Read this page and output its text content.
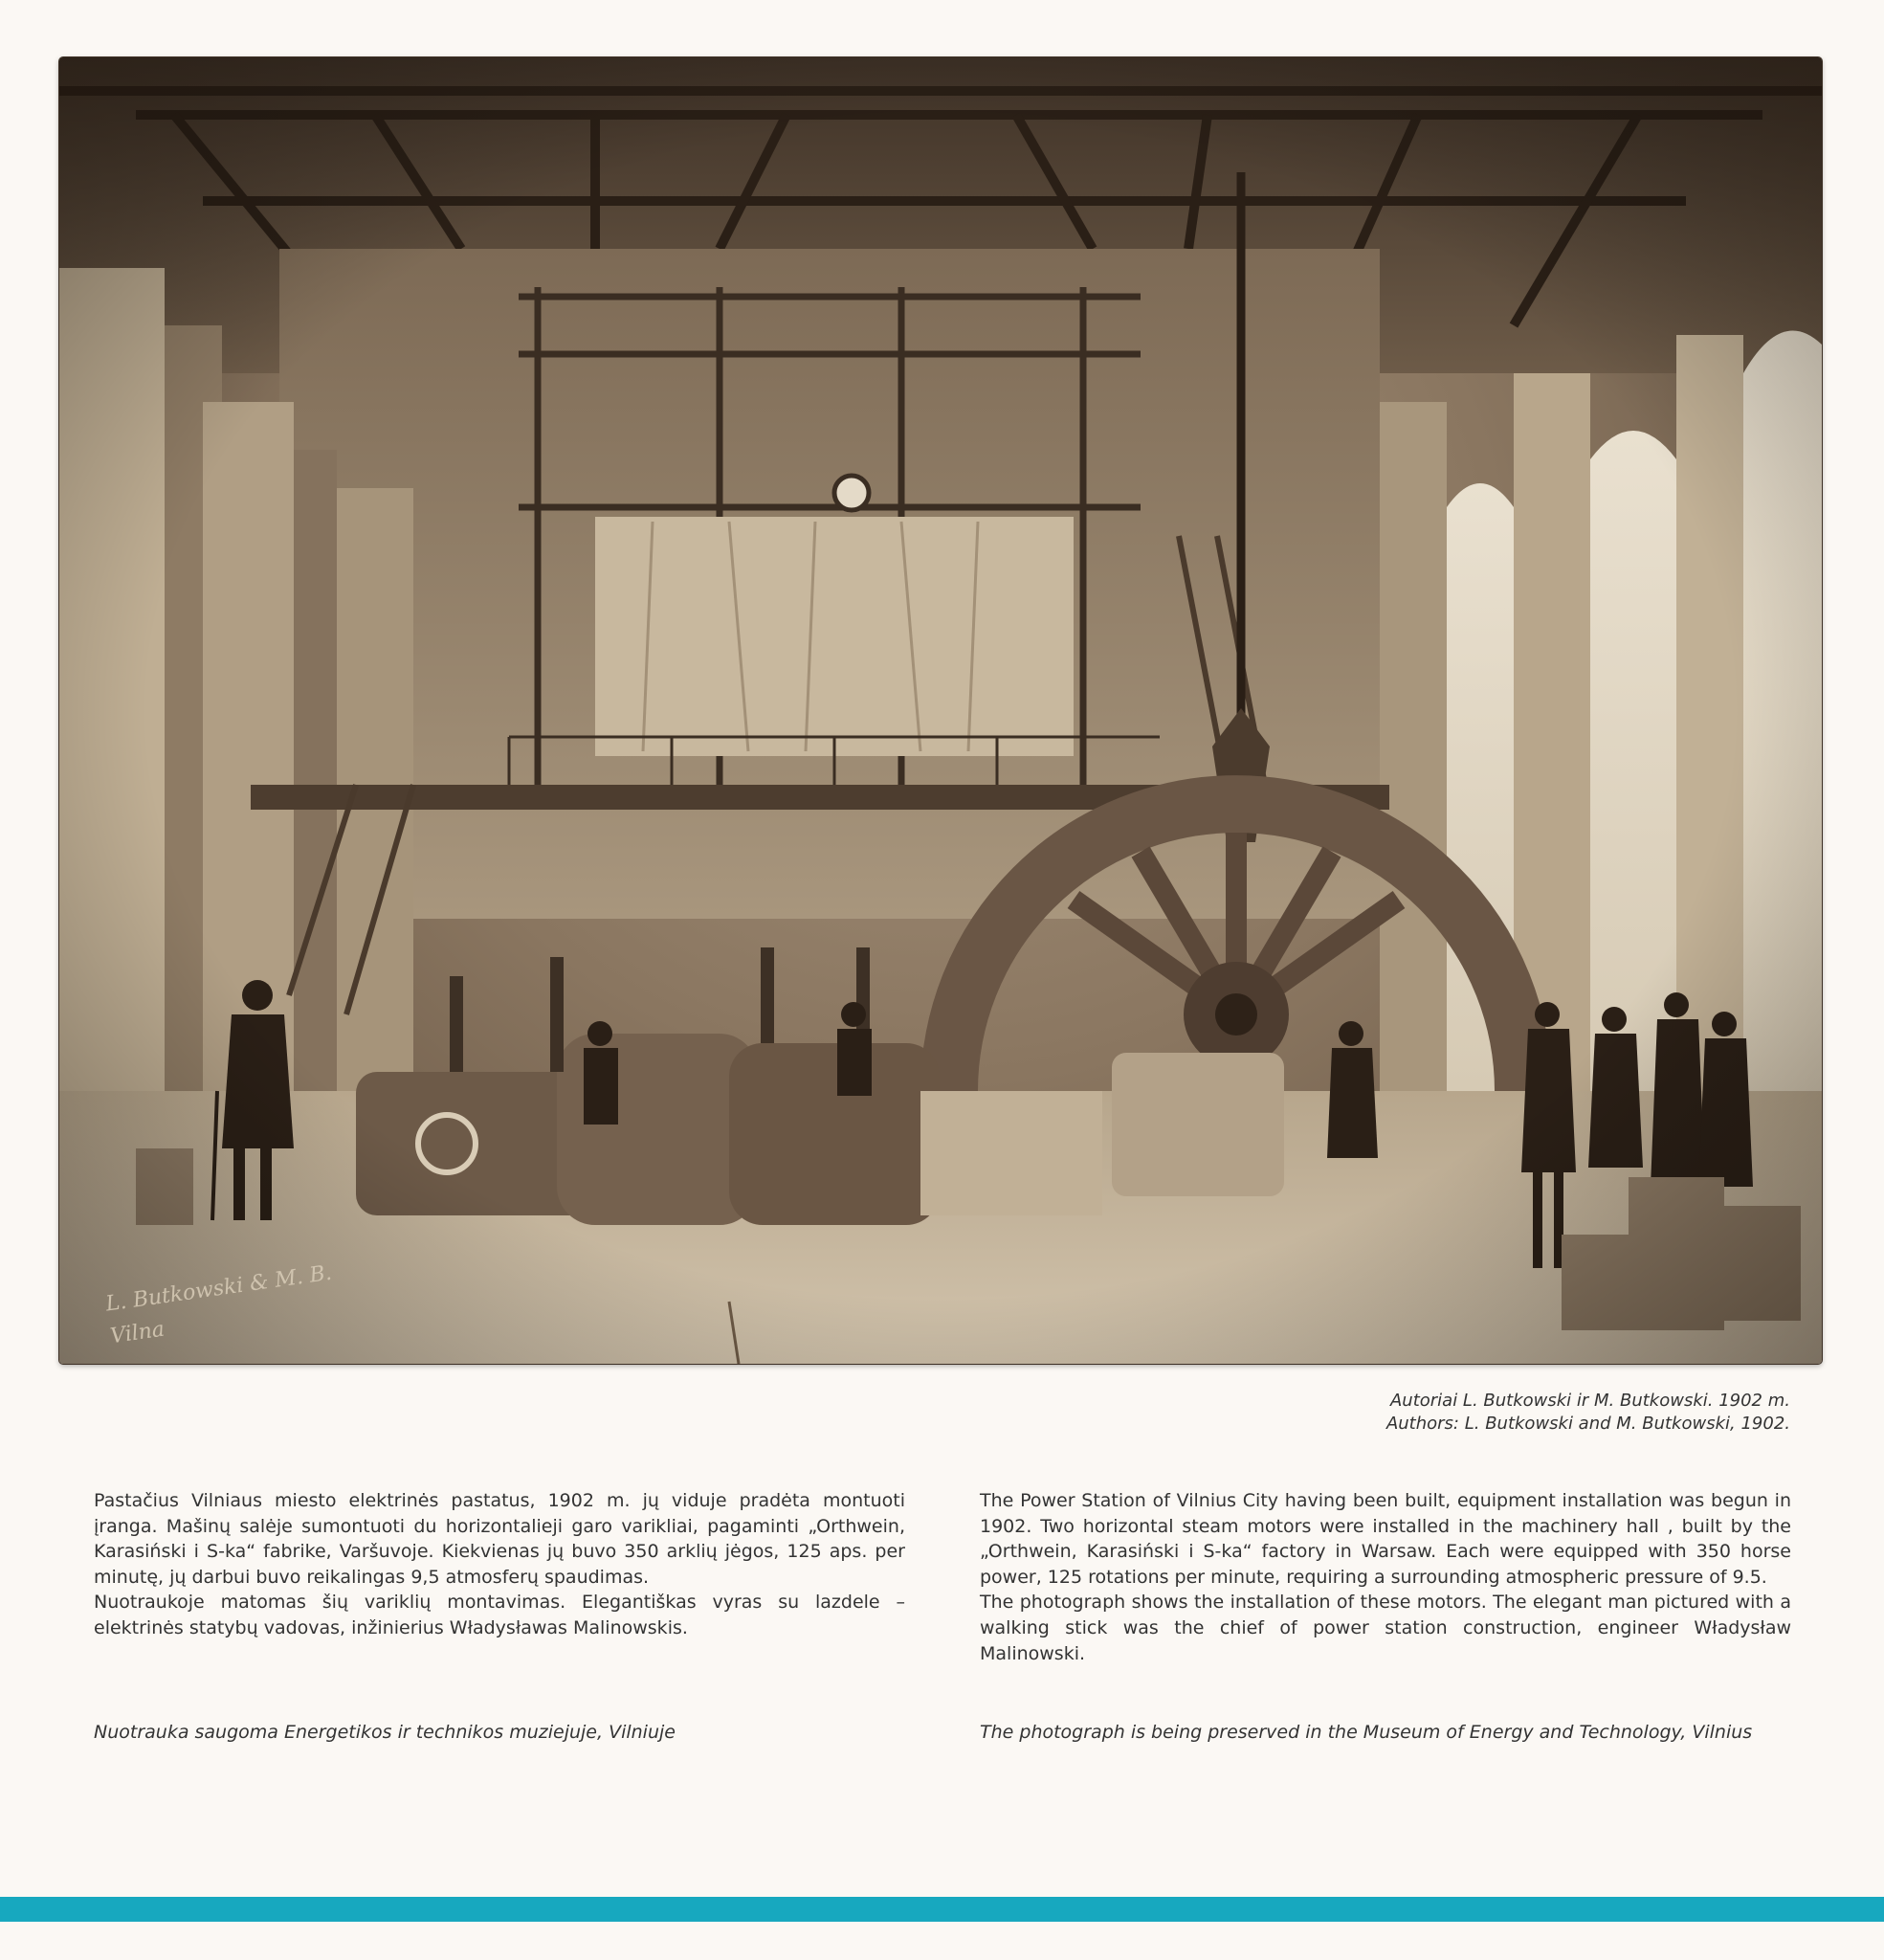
L. Butkowski & M. B.
Vilna
Autoriai L. Butkowski ir M. Butkowski. 1902 m.
Authors: L. Butkowski and M. Butkowski, 1902.

Pastačius Vilniaus miesto elektrinės pastatus, 1902 m. jų viduje pradėta montuoti įranga. Mašinų salėje sumontuoti du horizontalieji garo varikliai, pagaminti „Orthwein, Karasiński i S-ka“ fabrike, Varšuvoje. Kiekvienas jų buvo 350 arklių jėgos, 125 aps. per minutę, jų darbui buvo reikalingas 9,5 atmosferų spaudimas.

Nuotraukoje matomas šių variklių montavimas. Elegantiškas vyras su lazdele – elektrinės statybų vadovas, inžinierius Władysławas Malinowskis.

The Power Station of Vilnius City having been built, equipment installation was begun in 1902. Two horizontal steam motors were installed in the machinery hall , built by the „Orthwein, Karasiński i S-ka“ factory in Warsaw. Each were equipped with 350 horse power, 125 rotations per minute, requiring a surrounding atmospheric pressure of 9.5.

The photograph shows the installation of these motors. The elegant man pictured with a walking stick was the chief of power station construction, engineer Władysław Malinowski.

Nuotrauka saugoma Energetikos ir technikos muziejuje, Vilniuje	The photograph is being preserved in the Museum of Energy and Technology, Vilnius
